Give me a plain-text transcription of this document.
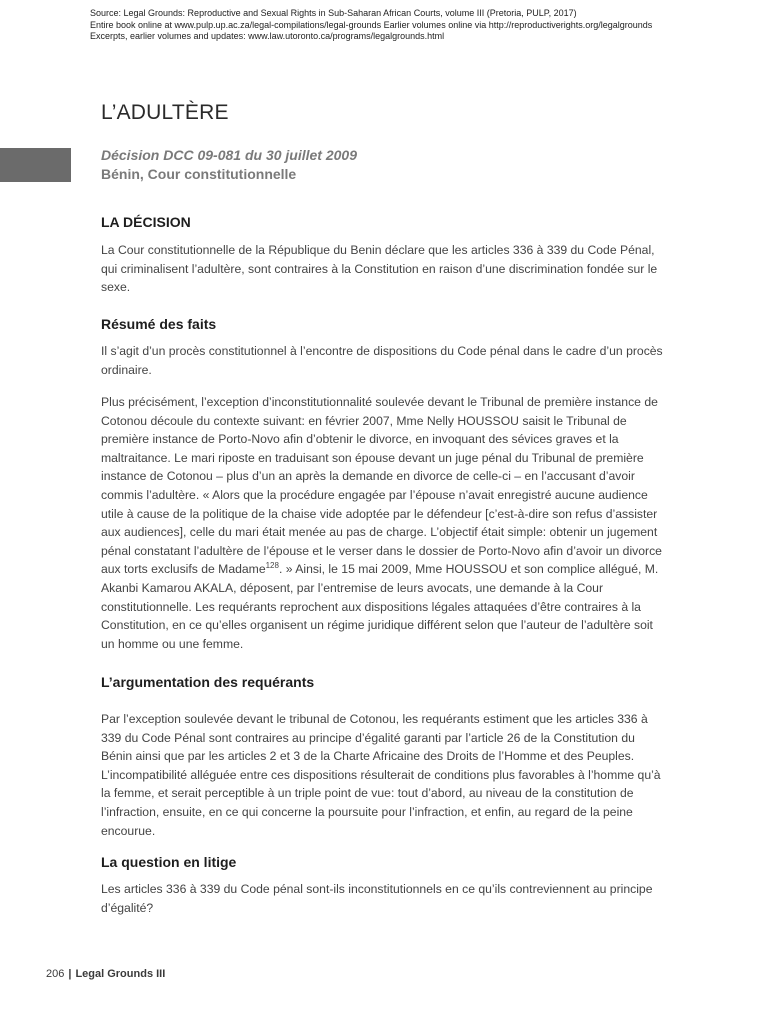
Source: Legal Grounds: Reproductive and Sexual Rights in Sub-Saharan African Courts, volume III (Pretoria, PULP, 2017)
Entire book online at www.pulp.up.ac.za/legal-compilations/legal-grounds Earlier volumes online via http://reproductiverights.org/legalgrounds
Excerpts, earlier volumes and updates: www.law.utoronto.ca/programs/legalgrounds.html
L’ADULTÈRE
Décision DCC 09-081 du 30 juillet 2009
Bénin, Cour constitutionnelle
LA DÉCISION

La Cour constitutionnelle de la République du Benin déclare que les articles 336 à 339 du Code Pénal, qui criminalisent l’adultère, sont contraires à la Constitution en raison d’une discrimination fondée sur le sexe.

Résumé des faits

Il s’agit d’un procès constitutionnel à l’encontre de dispositions du Code pénal dans le cadre d’un procès ordinaire.

Plus précisément, l’exception d’inconstitutionnalité soulevée devant le Tribunal de première instance de Cotonou découle du contexte suivant: en février 2007, Mme Nelly HOUSSOU saisit le Tribunal de première instance de Porto-Novo afin d’obtenir le divorce, en invoquant des sévices graves et la maltraitance. Le mari riposte en traduisant son épouse devant un juge pénal du Tribunal de première instance de Cotonou – plus d’un an après la demande en divorce de celle-ci – en l’accusant d’avoir commis l’adultère. « Alors que la procédure engagée par l’épouse n’avait enregistré aucune audience utile à cause de la politique de la chaise vide adoptée par le défendeur [c’est-à-dire son refus d’assister aux audiences], celle du mari était menée au pas de charge. L’objectif était simple: obtenir un jugement pénal constatant l’adultère de l’épouse et le verser dans le dossier de Porto-Novo afin d’avoir un divorce aux torts exclusifs de Madame$^{128}$. » Ainsi, le 15 mai 2009, Mme HOUSSOU et son complice allégué, M. Akanbi Kamarou AKALA, déposent, par l’entremise de leurs avocats, une demande à la Cour constitutionnelle. Les requérants reprochent aux dispositions légales attaquées d’être contraires à la Constitution, en ce qu’elles organisent un régime juridique différent selon que l’auteur de l’adultère soit un homme ou une femme.

L’argumentation des requérants

Par l’exception soulevée devant le tribunal de Cotonou, les requérants estiment que les articles 336 à 339 du Code Pénal sont contraires au principe d’égalité garanti par l’article 26 de la Constitution du Bénin ainsi que par les articles 2 et 3 de la Charte Africaine des Droits de l’Homme et des Peuples. L’incompatibilité alléguée entre ces dispositions résulterait de conditions plus favorables à l’homme qu’à la femme, et serait perceptible à un triple point de vue: tout d’abord, au niveau de la constitution de l’infraction, ensuite, en ce qui concerne la poursuite pour l’infraction, et enfin, au regard de la peine encourue.

La question en litige

Les articles 336 à 339 du Code pénal sont-ils inconstitutionnels en ce qu’ils contreviennent au principe d’égalité?

206 | Legal Grounds III
